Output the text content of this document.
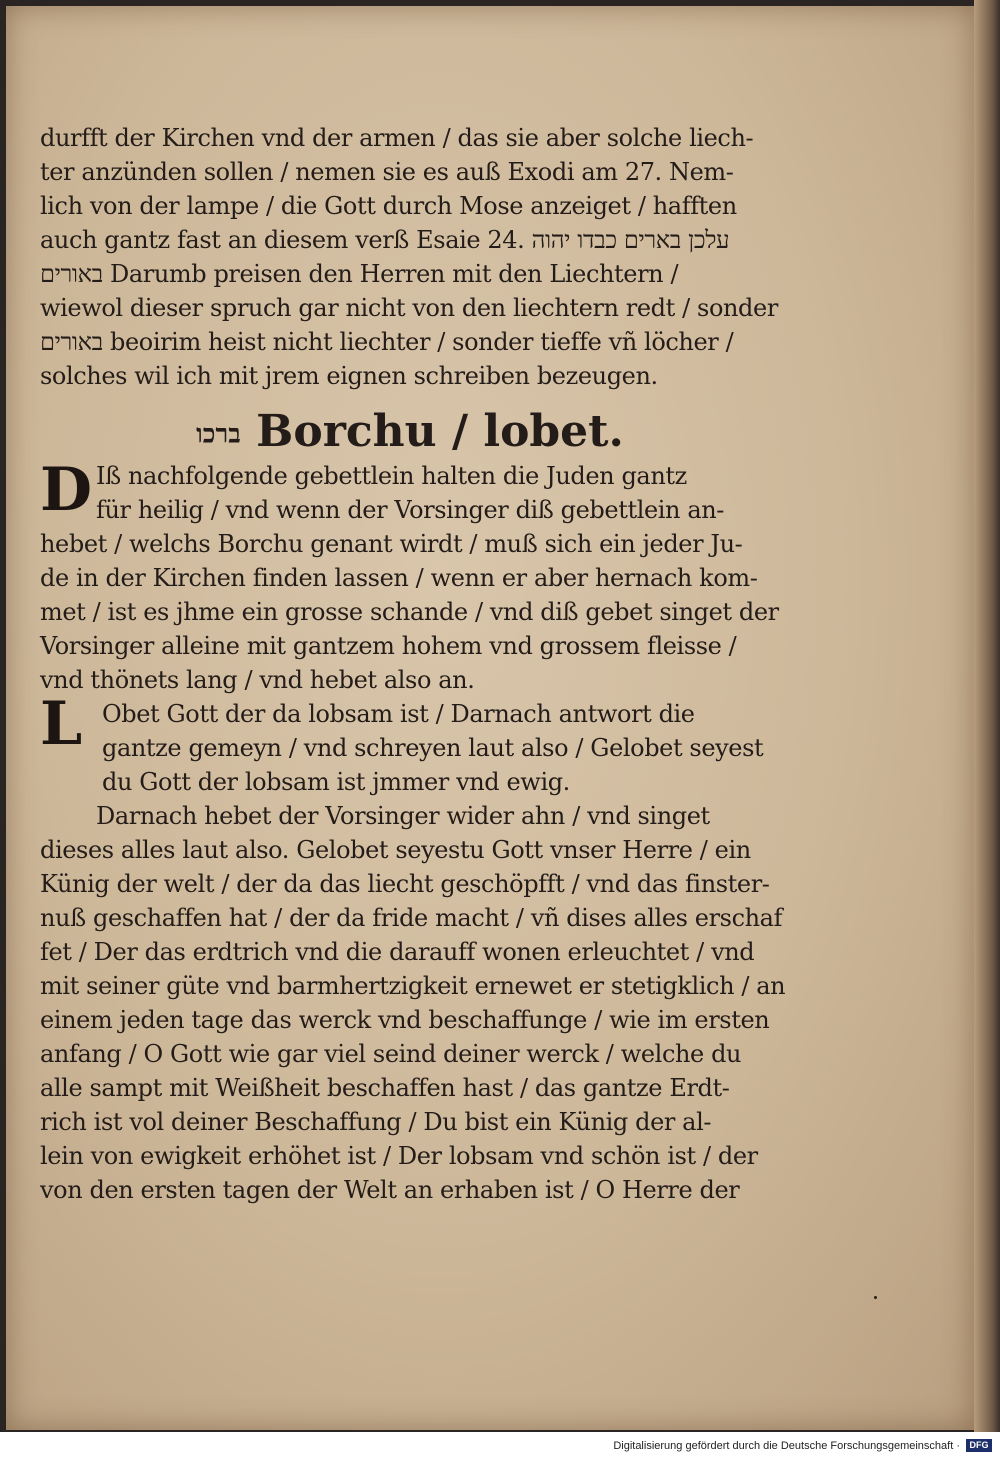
durfft der Kirchen vnd der armen / das sie aber solche liech-
ter anzünden sollen / nemen sie es auß Exodi am 27. Nem-
lich von der lampe / die Gott durch Mose anzeiget / hafften
auch gantz fast an diesem verß Esaie 24. עלכן בארים כבדו יהוה
באורים Darumb preisen den Herren mit den Liechtern /
wiewol dieser spruch gar nicht von den liechtern redt / sonder
באורים beoirim heist nicht liechter / sonder tieffe vñ löcher /
solches wil ich mit jrem eignen schreiben bezeugen.
ברכו Borchu / lobet.
D Iß nachfolgende gebettlein halten die Juden gantz
für heilig / vnd wenn der Vorsinger diß gebettlein an-
hebet / welchs Borchu genant wirdt / muß sich ein jeder Ju-
de in der Kirchen finden lassen / wenn er aber hernach kom-
met / ist es jhme ein grosse schande / vnd diß gebet singet der
Vorsinger alleine mit gantzem hohem vnd grossem fleisse /
vnd thönets lang / vnd hebet also an.
L Obet Gott der da lobsam ist / Darnach antwort die
gantze gemeyn / vnd schreyen laut also / Gelobet seyest
du Gott der lobsam ist jmmer vnd ewig.
Darnach hebet der Vorsinger wider ahn / vnd singet
dieses alles laut also. Gelobet seyestu Gott vnser Herre / ein
Künig der welt / der da das liecht geschöpfft / vnd das finster-
nuß geschaffen hat / der da fride macht / vñ dises alles erschaf
fet / Der das erdtrich vnd die darauff wonen erleuchtet / vnd
mit seiner güte vnd barmhertzigkeit ernewet er stetigklich / an
einem jeden tage das werck vnd beschaffunge / wie im ersten
anfang / O Gott wie gar viel seind deiner werck / welche du
alle sampt mit Weißheit beschaffen hast / das gantze Erdt-
rich ist vol deiner Beschaffung / Du bist ein Künig der al-
lein von ewigkeit erhöhet ist / Der lobsam vnd schön ist / der
von den ersten tagen der Welt an erhaben ist / O Herre der
Digitalisierung gefördert durch die Deutsche Forschungsgemeinschaft ·	DFG
